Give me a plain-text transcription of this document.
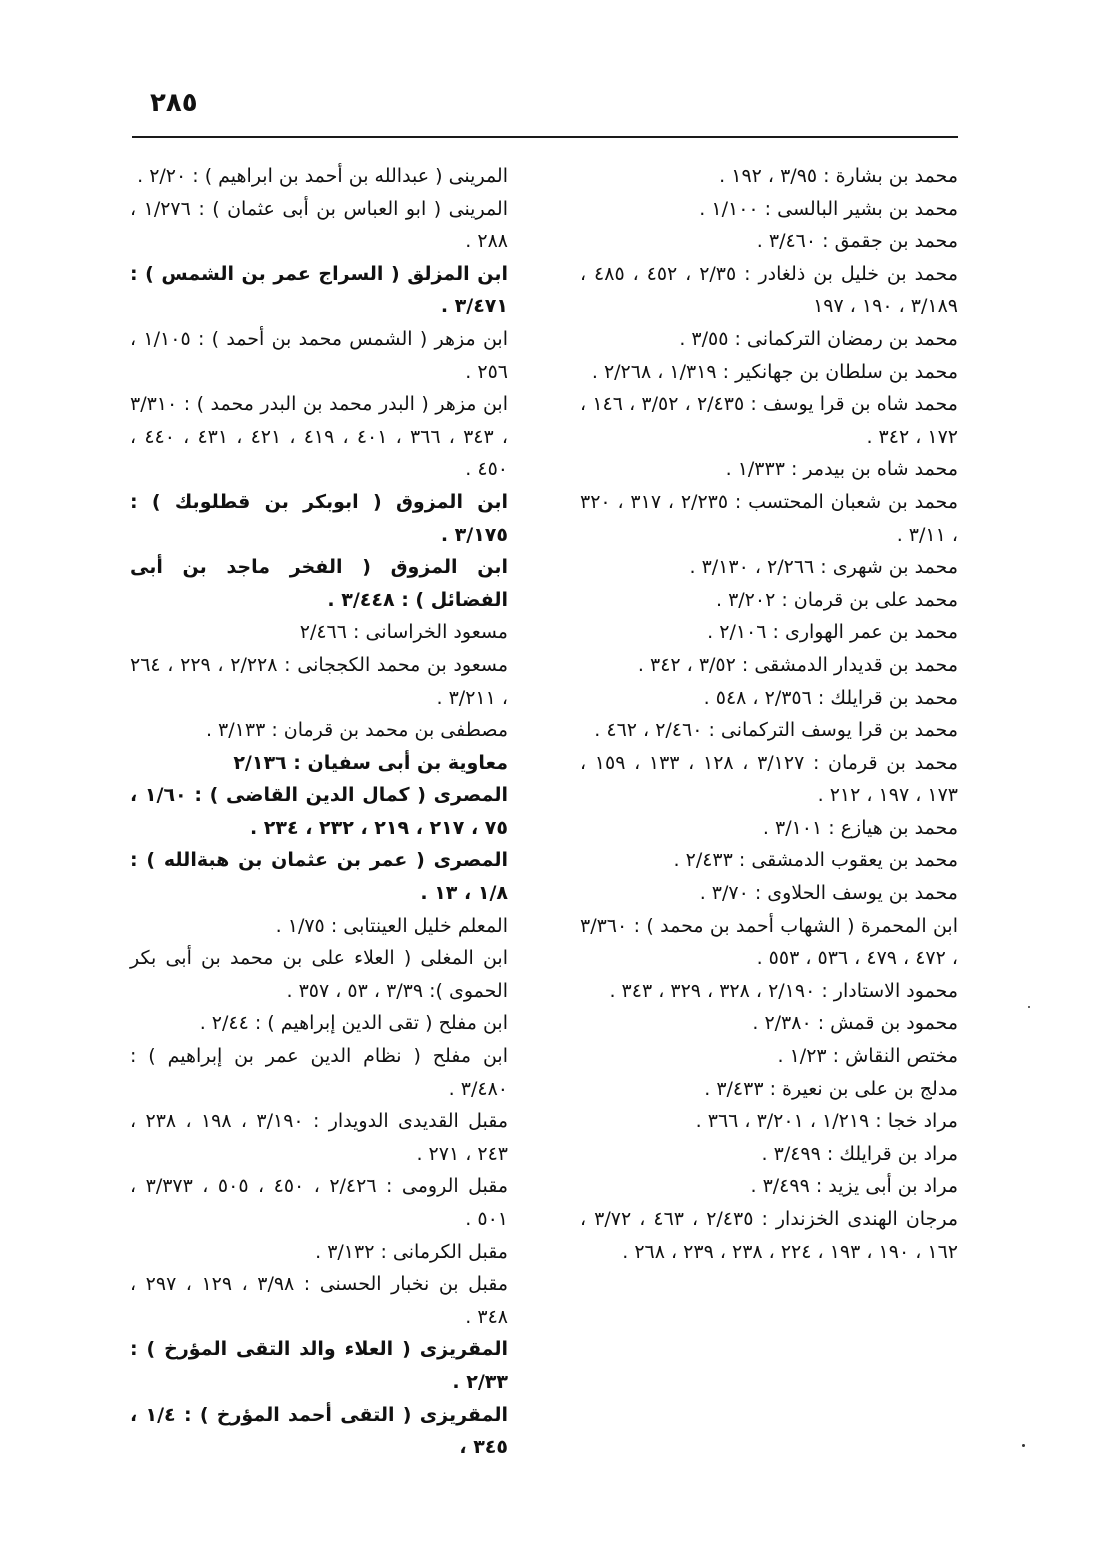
٢٨٥

محمد بن بشارة : ٣/٩٥ ، ١٩٢ .

محمد بن بشير البالسى : ١/١٠٠ .

محمد بن جقمق : ٣/٤٦٠ .

محمد بن خليل بن ذلغادر : ٢/٣٥ ، ٤٥٢ ، ٤٨٥ ، ٣/١٨٩ ، ١٩٠ ، ١٩٧

محمد بن رمضان التركمانى : ٣/٥٥ .

محمد بن سلطان بن جهانكير : ١/٣١٩ ، ٢/٢٦٨ .

محمد شاه بن قرا يوسف : ٢/٤٣٥ ، ٣/٥٢ ، ١٤٦ ، ١٧٢ ، ٣٤٢ .

محمد شاه بن بيدمر : ١/٣٣٣ .

محمد بن شعبان المحتسب : ٢/٢٣٥ ، ٣١٧ ، ٣٢٠ ، ٣/١١ .

محمد بن شهرى : ٢/٢٦٦ ، ٣/١٣٠ .

محمد على بن قرمان : ٣/٢٠٢ .

محمد بن عمر الهوارى : ٢/١٠٦ .

محمد بن قديدار الدمشقى : ٣/٥٢ ، ٣٤٢ .

محمد بن قرايلك : ٢/٣٥٦ ، ٥٤٨ .

محمد بن قرا يوسف التركمانى : ٢/٤٦٠ ، ٤٦٢ .

محمد بن قرمان : ٣/١٢٧ ، ١٢٨ ، ١٣٣ ، ١٥٩ ، ١٧٣ ، ١٩٧ ، ٢١٢ .

محمد بن هيازع : ٣/١٠١ .

محمد بن يعقوب الدمشقى : ٢/٤٣٣ .

محمد بن يوسف الحلاوى : ٣/٧٠ .

ابن المحمرة ( الشهاب أحمد بن محمد ) : ٣/٣٦٠ ، ٤٧٢ ، ٤٧٩ ، ٥٣٦ ، ٥٥٣ .

محمود الاستادار : ٢/١٩٠ ، ٣٢٨ ، ٣٢٩ ، ٣٤٣ .

محمود بن قمش : ٢/٣٨٠ .

مختص النقاش : ١/٢٣ .

مدلج بن على بن نعيرة : ٣/٤٣٣ .

مراد خجا : ١/٢١٩ ، ٣/٢٠١ ، ٣٦٦ .

مراد بن قرايلك : ٣/٤٩٩ .

مراد بن أبى يزيد : ٣/٤٩٩ .

مرجان الهندى الخزندار : ٢/٤٣٥ ، ٤٦٣ ، ٣/٧٢ ، ١٦٢ ، ١٩٠ ، ١٩٣ ، ٢٢٤ ، ٢٣٨ ، ٢٣٩ ، ٢٦٨ .

المرينى ( عبدالله بن أحمد بن ابراهيم ) : ٢/٢٠ .

المرينى ( ابو العباس بن أبى عثمان ) : ١/٢٧٦ ، ٢٨٨ .

ابن المزلق ( السراج عمر بن الشمس ) : ٣/٤٧١ .

ابن مزهر ( الشمس محمد بن أحمد ) : ١/١٠٥ ، ٢٥٦ .

ابن مزهر ( البدر محمد بن البدر محمد ) : ٣/٣١٠ ، ٣٤٣ ، ٣٦٦ ، ٤٠١ ، ٤١٩ ، ٤٢١ ، ٤٣١ ، ٤٤٠ ، ٤٥٠ .

ابن المزوق ( ابوبكر بن قطلوبك ) : ٣/١٧٥ .

ابن المزوق ( الفخر ماجد بن أبى الفضائل ) : ٣/٤٤٨ .

مسعود الخراسانى : ٢/٤٦٦

مسعود بن محمد الكججانى : ٢/٢٢٨ ، ٢٢٩ ، ٢٦٤ ، ٣/٢١١ .

مصطفى بن محمد بن قرمان : ٣/١٣٣ .

معاوية بن أبى سفيان : ٢/١٣٦

المصرى ( كمال الدين القاضى ) : ١/٦٠ ، ٧٥ ، ٢١٧ ، ٢١٩ ، ٢٣٢ ، ٢٣٤ .

المصرى ( عمر بن عثمان بن هبةالله ) : ١/٨ ، ١٣ .

المعلم خليل العينتابى : ١/٧٥ .

ابن المغلى ( العلاء على بن محمد بن أبى بكر الحموى ): ٣/٣٩ ، ٥٣ ، ٣٥٧ .

ابن مفلح ( تقى الدين إبراهيم ) : ٢/٤٤ .

ابن مفلح ( نظام الدين عمر بن إبراهيم ) : ٣/٤٨٠ .

مقبل القديدى الدويدار : ٣/١٩٠ ، ١٩٨ ، ٢٣٨ ، ٢٤٣ ، ٢٧١ .

مقبل الرومى : ٢/٤٢٦ ، ٤٥٠ ، ٥٠٥ ، ٣/٣٧٣ ، ٥٠١ .

مقبل الكرمانى : ٣/١٣٢ .

مقبل بن نخبار الحسنى : ٣/٩٨ ، ١٢٩ ، ٢٩٧ ، ٣٤٨ .

المقريزى ( العلاء والد التقى المؤرخ ) : ٢/٣٣ .

المقريزى ( التقى أحمد المؤرخ ) : ١/٤ ، ٣٤٥ ،
